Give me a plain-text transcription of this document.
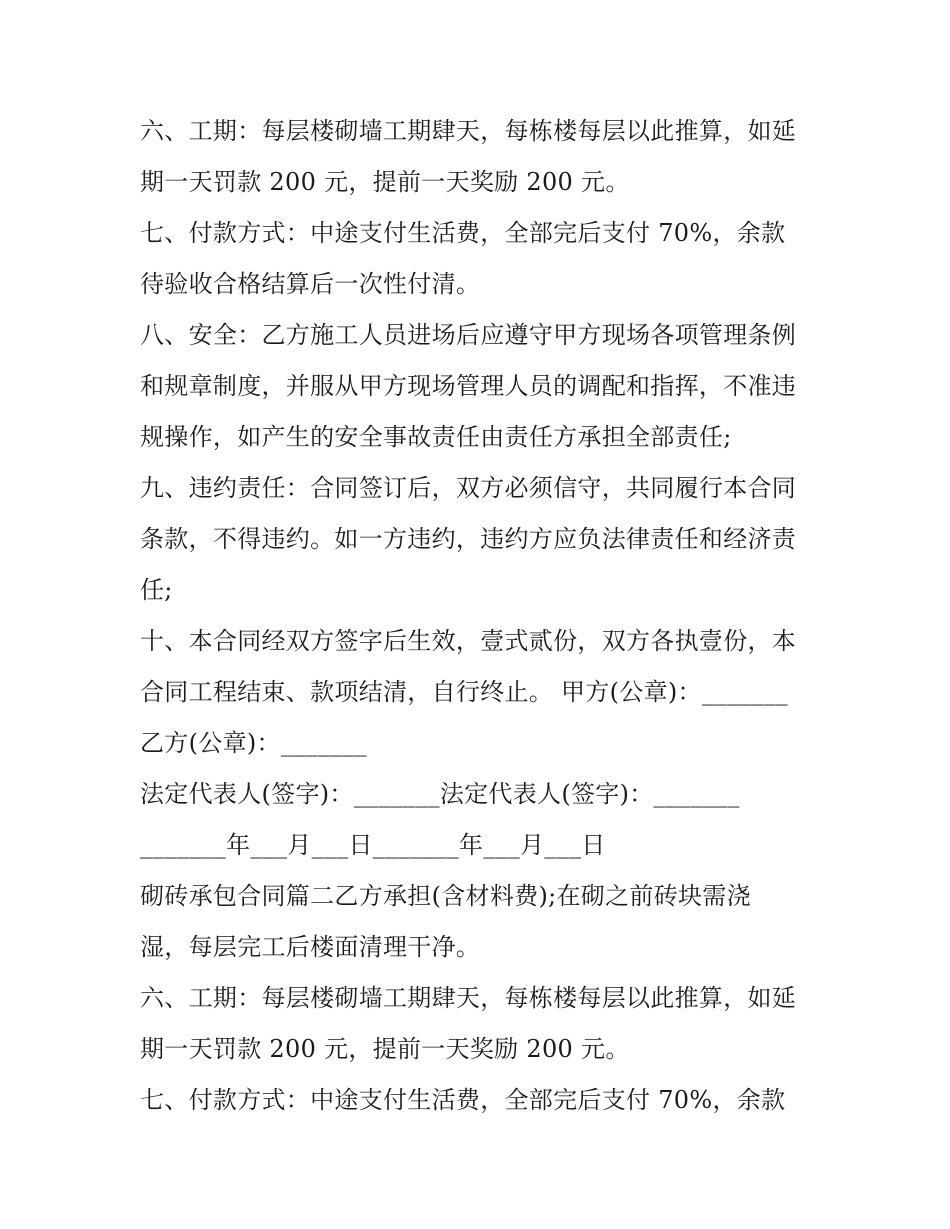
六、工期：每层楼砌墙工期肆天，每栋楼每层以此推算，如延
期一天罚款 200 元，提前一天奖励 200 元。
七、付款方式：中途支付生活费，全部完后支付 70%，余款
待验收合格结算后一次性付清。
八、安全：乙方施工人员进场后应遵守甲方现场各项管理条例
和规章制度，并服从甲方现场管理人员的调配和指挥，不准违
规操作，如产生的安全事故责任由责任方承担全部责任;
九、违约责任：合同签订后，双方必须信守，共同履行本合同
条款，不得违约。如一方违约，违约方应负法律责任和经济责
任;
十、本合同经双方签字后生效，壹式贰份，双方各执壹份，本
合同工程结束、款项结清，自行终止。 甲方(公章)：_______
乙方(公章)：_______
法定代表人(签字)：_______法定代表人(签字)：_______
_______年___月___日_______年___月___日
砌砖承包合同篇二乙方承担(含材料费);在砌之前砖块需浇
湿，每层完工后楼面清理干净。
六、工期：每层楼砌墙工期肆天，每栋楼每层以此推算，如延
期一天罚款 200 元，提前一天奖励 200 元。
七、付款方式：中途支付生活费，全部完后支付 70%，余款
